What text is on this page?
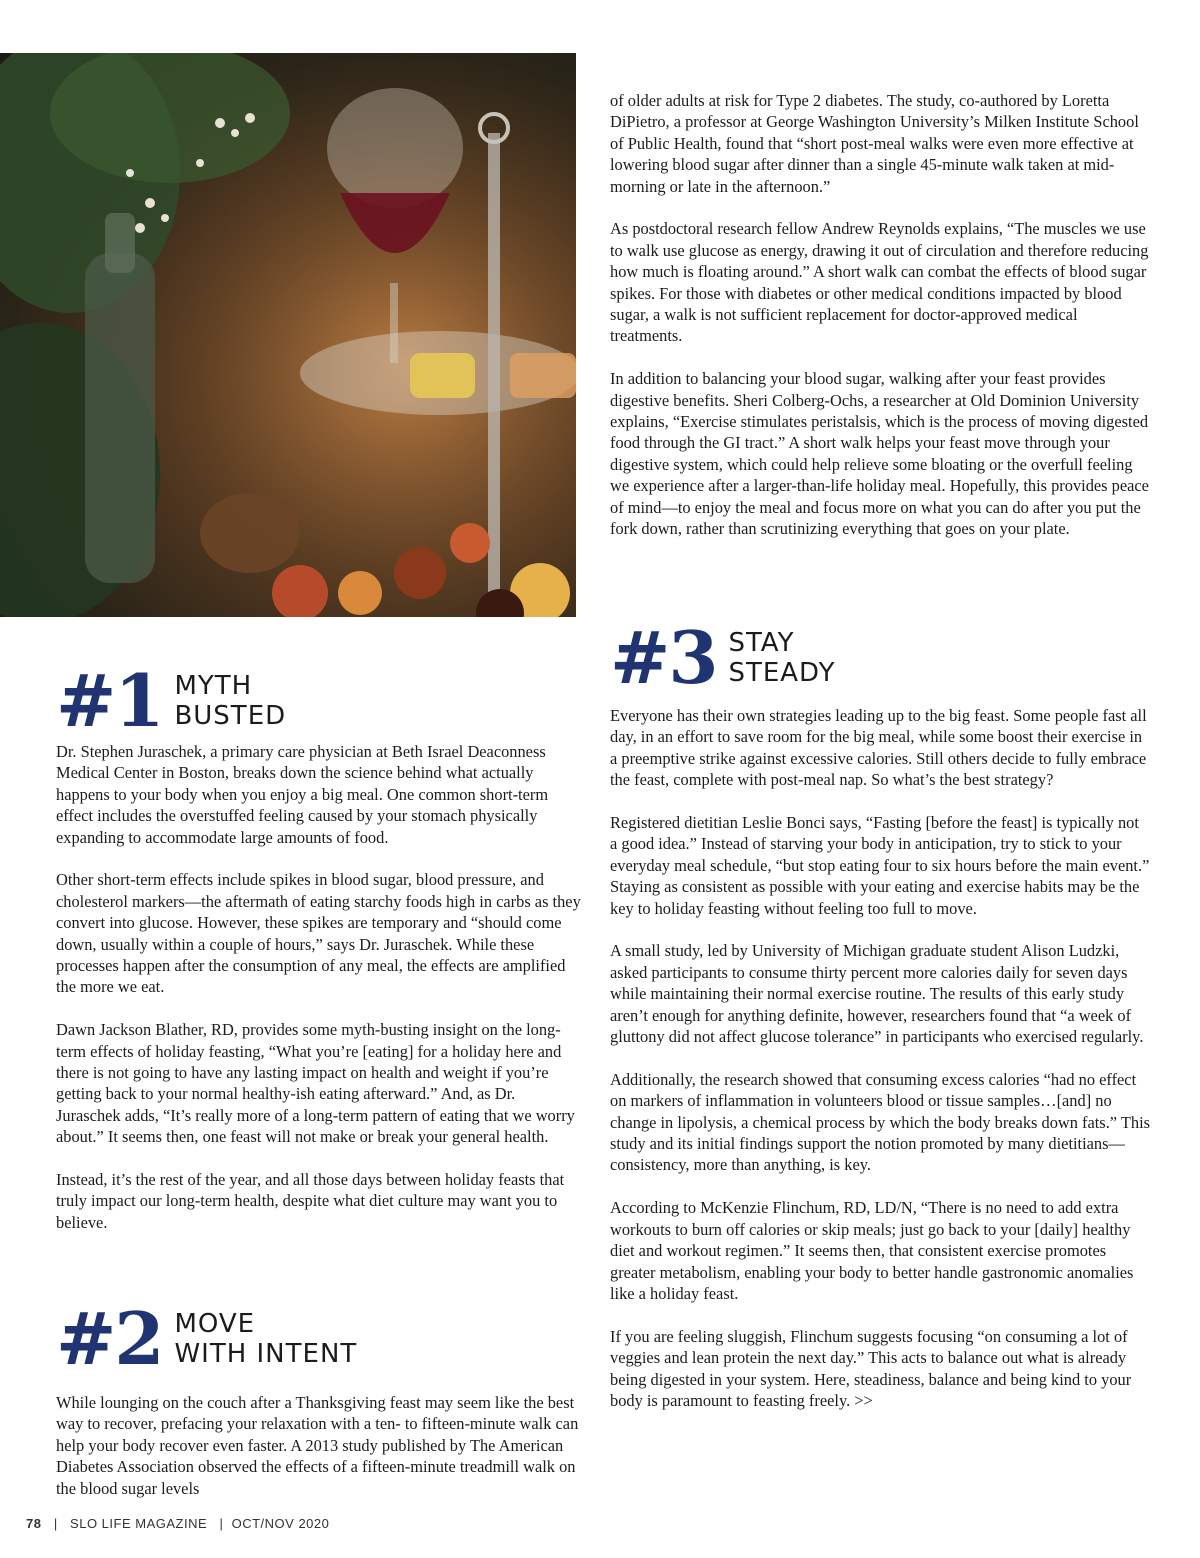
of older adults at risk for Type 2 diabetes. The study, co-authored by Loretta DiPietro, a professor at George Washington University’s Milken Institute School of Public Health, found that “short post-meal walks were even more effective at lowering blood sugar after dinner than a single 45-minute walk taken at mid-morning or late in the afternoon.”

As postdoctoral research fellow Andrew Reynolds explains, “The muscles we use to walk use glucose as energy, drawing it out of circulation and therefore reducing how much is floating around.” A short walk can combat the effects of blood sugar spikes. For those with diabetes or other medical conditions impacted by blood sugar, a walk is not sufficient replacement for doctor-approved medical treatments.

In addition to balancing your blood sugar, walking after your feast provides digestive benefits. Sheri Colberg-Ochs, a researcher at Old Dominion University explains, “Exercise stimulates peristalsis, which is the process of moving digested food through the GI tract.” A short walk helps your feast move through your digestive system, which could help relieve some bloating or the overfull feeling we experience after a larger-than-life holiday meal. Hopefully, this provides peace of mind—to enjoy the meal and focus more on what you can do after you put the fork down, rather than scrutinizing everything that goes on your plate.

#1 MYTH
BUSTED

Dr. Stephen Juraschek, a primary care physician at Beth Israel Deaconness Medical Center in Boston, breaks down the science behind what actually happens to your body when you enjoy a big meal. One common short-term effect includes the overstuffed feeling caused by your stomach physically expanding to accommodate large amounts of food.

Other short-term effects include spikes in blood sugar, blood pressure, and cholesterol markers—the aftermath of eating starchy foods high in carbs as they convert into glucose. However, these spikes are temporary and “should come down, usually within a couple of hours,” says Dr. Juraschek. While these processes happen after the consumption of any meal, the effects are amplified the more we eat.

Dawn Jackson Blather, RD, provides some myth-busting insight on the long-term effects of holiday feasting, “What you’re [eating] for a holiday here and there is not going to have any lasting impact on health and weight if you’re getting back to your normal healthy-ish eating afterward.” And, as Dr. Juraschek adds, “It’s really more of a long-term pattern of eating that we worry about.” It seems then, one feast will not make or break your general health.

Instead, it’s the rest of the year, and all those days between holiday feasts that truly impact our long-term health, despite what diet culture may want you to believe.

#2 MOVE
WITH INTENT

While lounging on the couch after a Thanksgiving feast may seem like the best way to recover, prefacing your relaxation with a ten- to fifteen-minute walk can help your body recover even faster. A 2013 study published by The American Diabetes Association observed the effects of a fifteen-minute treadmill walk on the blood sugar levels

#3 STAY
STEADY

Everyone has their own strategies leading up to the big feast. Some people fast all day, in an effort to save room for the big meal, while some boost their exercise in a preemptive strike against excessive calories. Still others decide to fully embrace the feast, complete with post-meal nap. So what’s the best strategy?

Registered dietitian Leslie Bonci says, “Fasting [before the feast] is typically not a good idea.” Instead of starving your body in anticipation, try to stick to your everyday meal schedule, “but stop eating four to six hours before the main event.” Staying as consistent as possible with your eating and exercise habits may be the key to holiday feasting without feeling too full to move.

A small study, led by University of Michigan graduate student Alison Ludzki, asked participants to consume thirty percent more calories daily for seven days while maintaining their normal exercise routine. The results of this early study aren’t enough for anything definite, however, researchers found that “a week of gluttony did not affect glucose tolerance” in participants who exercised regularly.

Additionally, the research showed that consuming excess calories “had no effect on markers of inflammation in volunteers blood or tissue samples…[and] no change in lipolysis, a chemical process by which the body breaks down fats.” This study and its initial findings support the notion promoted by many dietitians—consistency, more than anything, is key.

According to McKenzie Flinchum, RD, LD/N, “There is no need to add extra workouts to burn off calories or skip meals; just go back to your [daily] healthy diet and workout regimen.” It seems then, that consistent exercise promotes greater metabolism, enabling your body to better handle gastronomic anomalies like a holiday feast.

If you are feeling sluggish, Flinchum suggests focusing “on consuming a lot of veggies and lean protein the next day.” This acts to balance out what is already being digested in your system. Here, steadiness, balance and being kind to your body is paramount to feasting freely. >>

78 | SLO LIFE MAGAZINE | OCT/NOV 2020
